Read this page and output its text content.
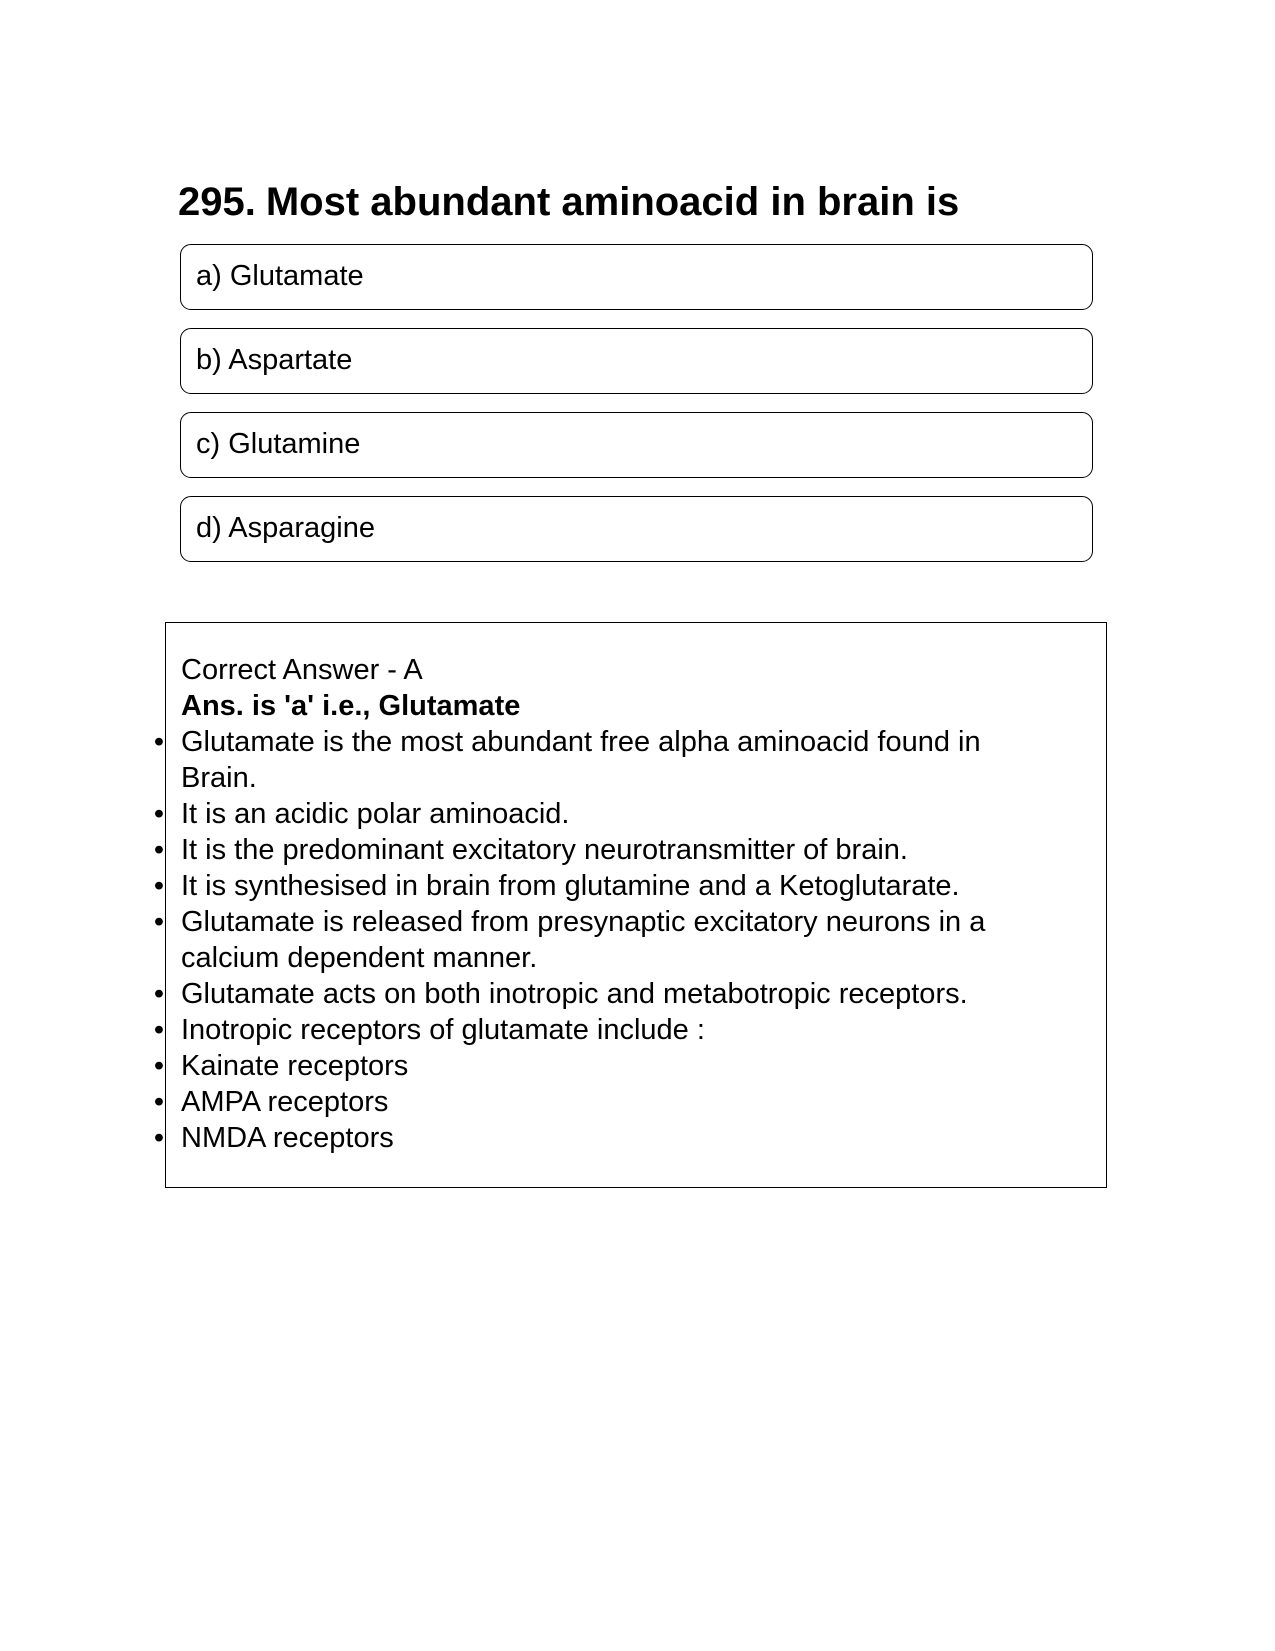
295. Most abundant aminoacid in brain is
a) Glutamate
b) Aspartate
c) Glutamine
d) Asparagine

Correct Answer - A

Ans. is 'a' i.e., Glutamate

• Glutamate is the most abundant free alpha aminoacid found in Brain.
• It is an acidic polar aminoacid.
• It is the predominant excitatory neurotransmitter of brain.
• It is synthesised in brain from glutamine and a Ketoglutarate.
• Glutamate is released from presynaptic excitatory neurons in a calcium dependent manner.
• Glutamate acts on both inotropic and metabotropic receptors.
• Inotropic receptors of glutamate include :
• Kainate receptors
• AMPA receptors
• NMDA receptors
